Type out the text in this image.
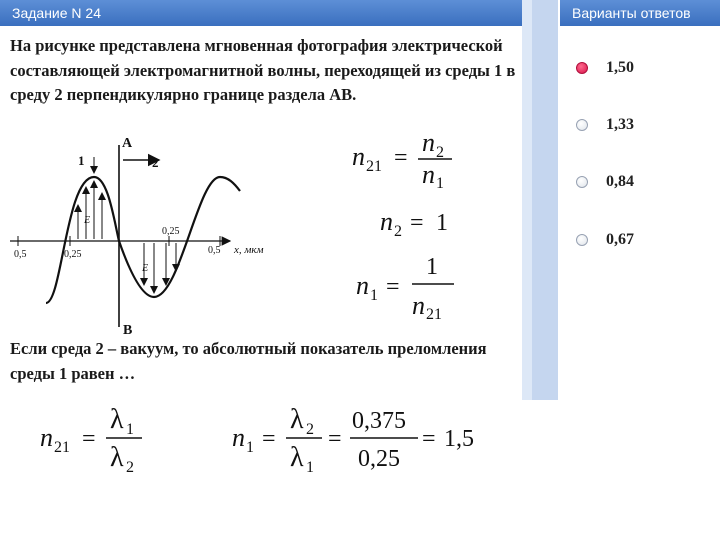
Задание N 24	Варианты ответов
На рисунке представлена мгновенная фотография электрической составляющей электромагнитной волны, переходящей из среды 1 в среду 2 перпендикулярно границе раздела АВ.
A
B
1	2
0,5	0,25
0,25
0,5 x, мкм
E
E
n 21 =
n 2
n 1
n 2 = 1
n 1 =
1
n 21
Если среда 2 – вакуум, то абсолютный показатель преломления среды 1 равен …
n 21 =
λ 1
λ 2
n 1 =
λ 2
λ 1
=
0,375
0,25
= 1,5
1,50
1,33
0,84
0,67
